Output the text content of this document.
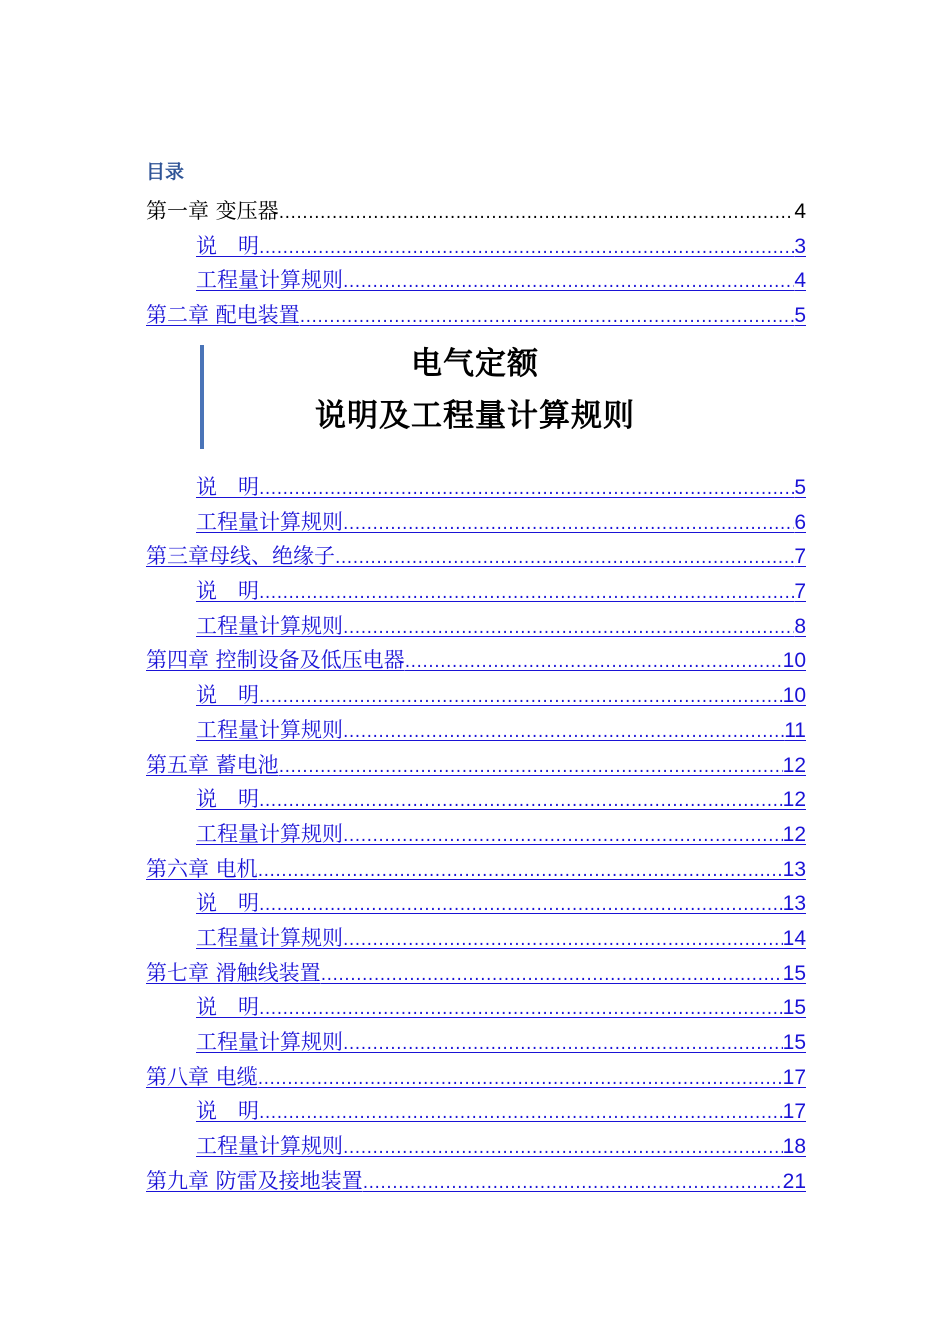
目录
第一章 变压器 .....	4
说　明 .....	3
工程量计算规则 .....	4
第二章 配电装置 .....	5
电气定额
说明及工程量计算规则
说　明 .....	5
工程量计算规则 .....	6
第三章母线、绝缘子 .....	7
说　明 .....	7
工程量计算规则 .....	8
第四章 控制设备及低压电器 .....	10
说　明 .....	10
工程量计算规则 .....	11
第五章 蓄电池 .....	12
说　明 .....	12
工程量计算规则 .....	12
第六章 电机 .....	13
说　明 .....	13
工程量计算规则 .....	14
第七章 滑触线装置 .....	15
说　明 .....	15
工程量计算规则 .....	15
第八章 电缆 .....	17
说　明 .....	17
工程量计算规则 .....	18
第九章 防雷及接地装置 .....	21
